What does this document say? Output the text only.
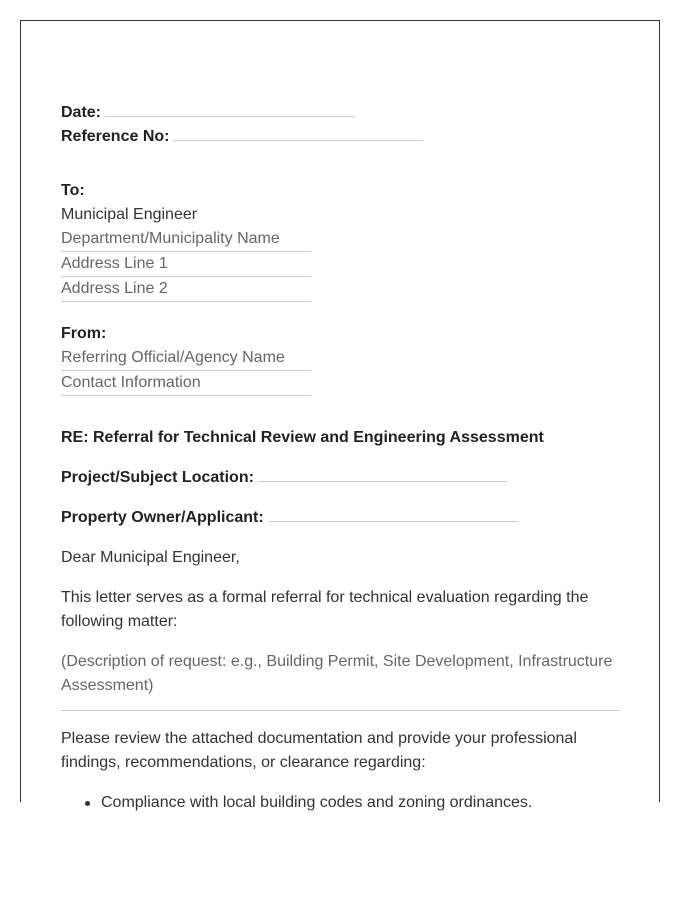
Date:
Reference No:
To:
Municipal Engineer
Department/Municipality Name
Address Line 1
Address Line 2
From:
Referring Official/Agency Name
Contact Information
RE: Referral for Technical Review and Engineering Assessment
Project/Subject Location:
Property Owner/Applicant:
Dear Municipal Engineer,
This letter serves as a formal referral for technical evaluation regarding the following matter:
(Description of request: e.g., Building Permit, Site Development, Infrastructure Assessment)
Please review the attached documentation and provide your professional findings, recommendations, or clearance regarding:
Compliance with local building codes and zoning ordinances.
